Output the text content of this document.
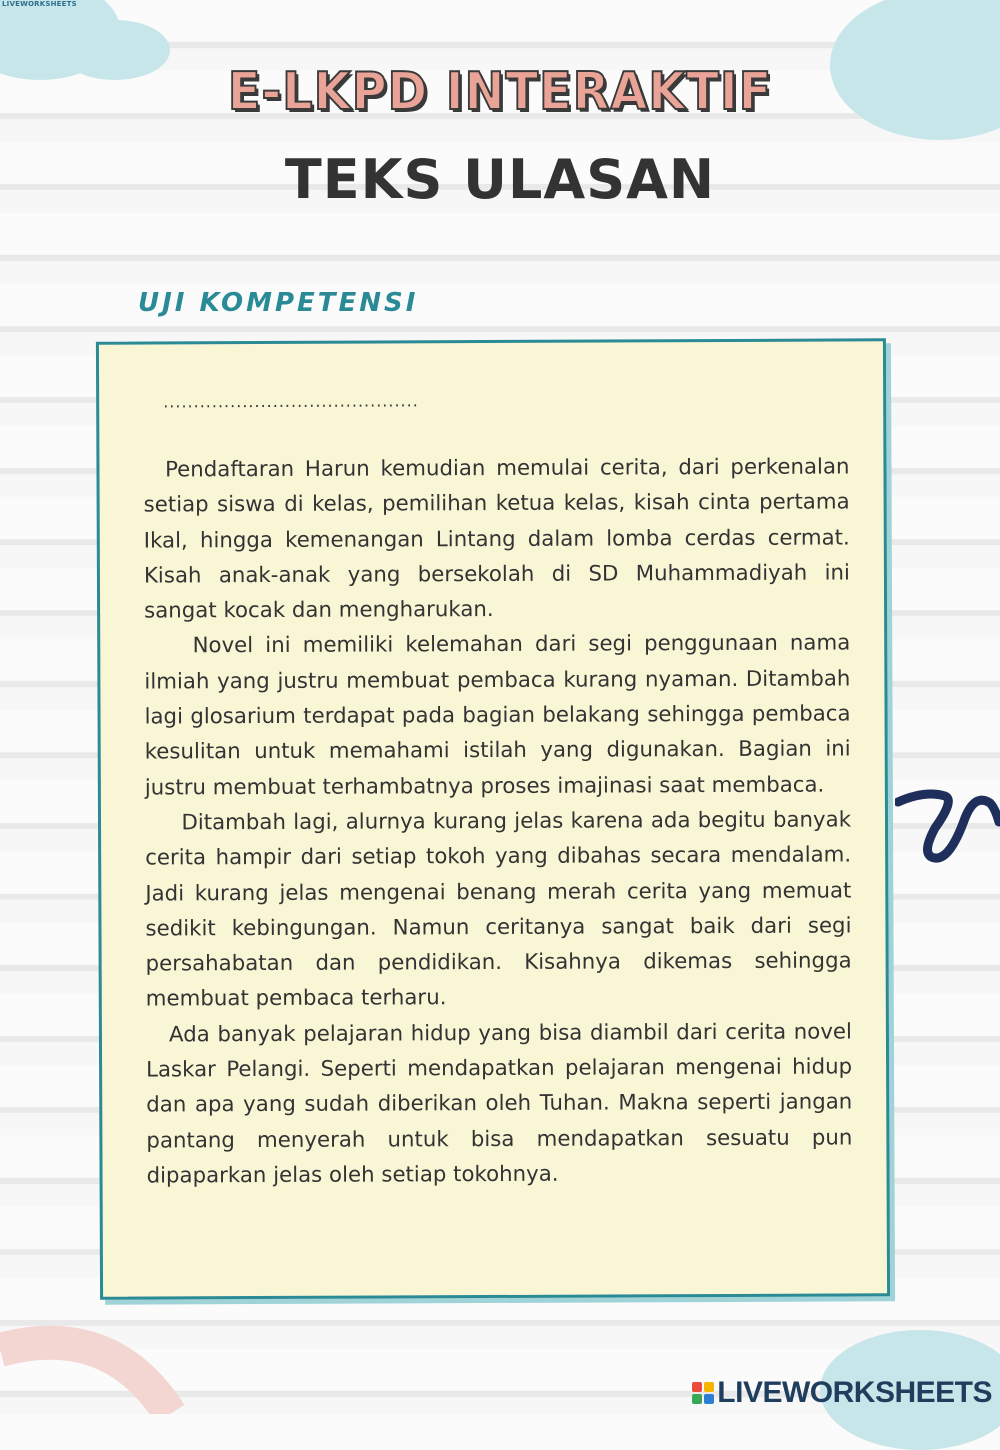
LIVEWORKSHEETS
E-LKPD INTERAKTIF
TEKS ULASAN
UJI KOMPETENSI
..........................................

Pendaftaran Harun kemudian memulai cerita, dari perkenalan setiap siswa di kelas, pemilihan ketua kelas, kisah cinta pertama Ikal, hingga kemenangan Lintang dalam lomba cerdas cermat. Kisah anak-anak yang bersekolah di SD Muhammadiyah ini sangat kocak dan mengharukan.

Novel ini memiliki kelemahan dari segi penggunaan nama ilmiah yang justru membuat pembaca kurang nyaman. Ditambah lagi glosarium terdapat pada bagian belakang sehingga pembaca kesulitan untuk memahami istilah yang digunakan. Bagian ini justru membuat terhambatnya proses imajinasi saat membaca.

Ditambah lagi, alurnya kurang jelas karena ada begitu banyak cerita hampir dari setiap tokoh yang dibahas secara mendalam. Jadi kurang jelas mengenai benang merah cerita yang memuat sedikit kebingungan. Namun ceritanya sangat baik dari segi persahabatan dan pendidikan. Kisahnya dikemas sehingga membuat pembaca terharu.

Ada banyak pelajaran hidup yang bisa diambil dari cerita novel Laskar Pelangi. Seperti mendapatkan pelajaran mengenai hidup dan apa yang sudah diberikan oleh Tuhan. Makna seperti jangan pantang menyerah untuk bisa mendapatkan sesuatu pun dipaparkan jelas oleh setiap tokohnya.

LIVEWORKSHEETS
